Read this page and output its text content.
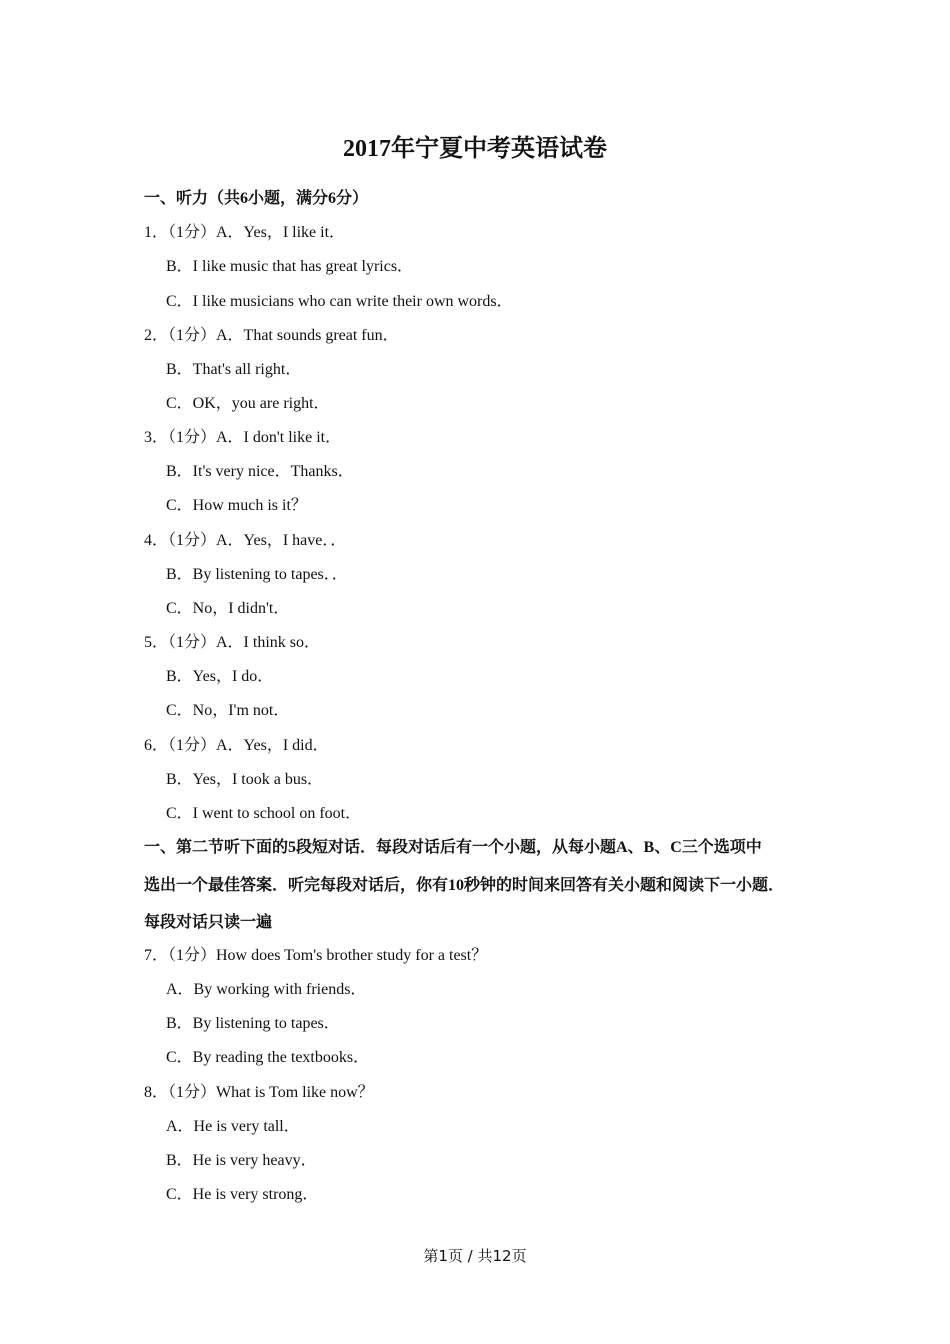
2017年宁夏中考英语试卷
一、听力（共6小题，满分6分）
1．（1分）A．Yes，I like it．
B．I like music that has great lyrics．
C．I like musicians who can write their own words．
2．（1分）A．That sounds great fun．
B．That's all right．
C．OK，you are right．
3．（1分）A．I don't like it．
B．It's very nice．Thanks．
C．How much is it？
4．（1分）A．Yes，I have．．
B．By listening to tapes．．
C．No，I didn't．
5．（1分）A．I think so．
B．Yes，I do．
C．No，I'm not．
6．（1分）A．Yes，I did．
B．Yes，I took a bus．
C．I went to school on foot．
一、第二节听下面的5段短对话．每段对话后有一个小题，从每小题A、B、C三个选项中
选出一个最佳答案．听完每段对话后，你有10秒钟的时间来回答有关小题和阅读下一小题．
每段对话只读一遍
7．（1分）How does Tom's brother study for a test？
A．By working with friends．
B．By listening to tapes．
C．By reading the textbooks．
8．（1分）What is Tom like now？
A．He is very tall．
B．He is very heavy．
C．He is very strong．
第1页 / 共12页
